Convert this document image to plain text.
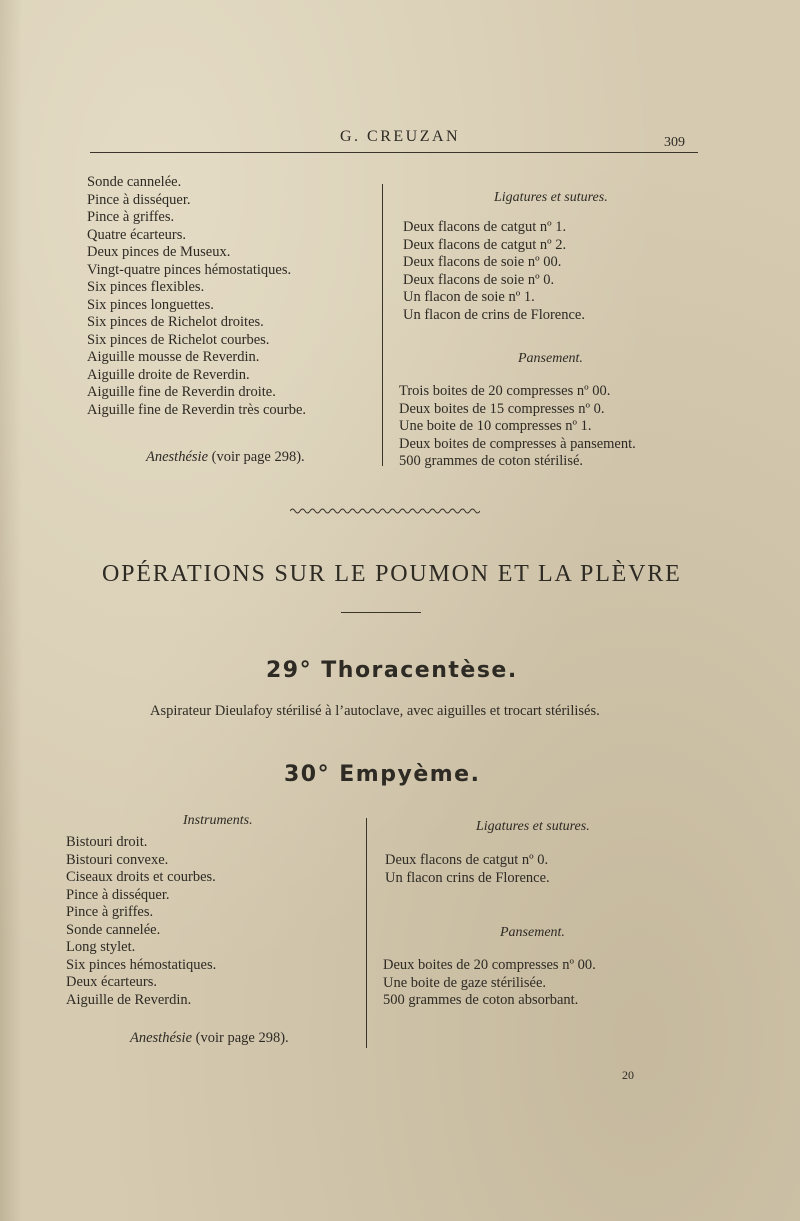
G. CREUZAN	309
Sonde cannelée.
Pince à disséquer.
Pince à griffes.
Quatre écarteurs.
Deux pinces de Museux.
Vingt-quatre pinces hémostatiques.
Six pinces flexibles.
Six pinces longuettes.
Six pinces de Richelot droites.
Six pinces de Richelot courbes.
Aiguille mousse de Reverdin.
Aiguille droite de Reverdin.
Aiguille fine de Reverdin droite.
Aiguille fine de Reverdin très courbe.
Anesthésie (voir page 298).
Ligatures et sutures.
Deux flacons de catgut nº 1.
Deux flacons de catgut nº 2.
Deux flacons de soie nº 00.
Deux flacons de soie nº 0.
Un flacon de soie nº 1.
Un flacon de crins de Florence.
Pansement.
Trois boites de 20 compresses nº 00.
Deux boites de 15 compresses nº 0.
Une boite de 10 compresses nº 1.
Deux boites de compresses à pansement.
500 grammes de coton stérilisé.
OPÉRATIONS SUR LE POUMON ET LA PLÈVRE
29° Thoracentèse.
Aspirateur Dieulafoy stérilisé à l’autoclave, avec aiguilles et trocart stérilisés.
30° Empyème.
Instruments.
Bistouri droit.
Bistouri convexe.
Ciseaux droits et courbes.
Pince à disséquer.
Pince à griffes.
Sonde cannelée.
Long stylet.
Six pinces hémostatiques.
Deux écarteurs.
Aiguille de Reverdin.
Anesthésie (voir page 298).
Ligatures et sutures.
Deux flacons de catgut nº 0.
Un flacon crins de Florence.
Pansement.
Deux boites de 20 compresses nº 00.
Une boite de gaze stérilisée.
500 grammes de coton absorbant.
20
